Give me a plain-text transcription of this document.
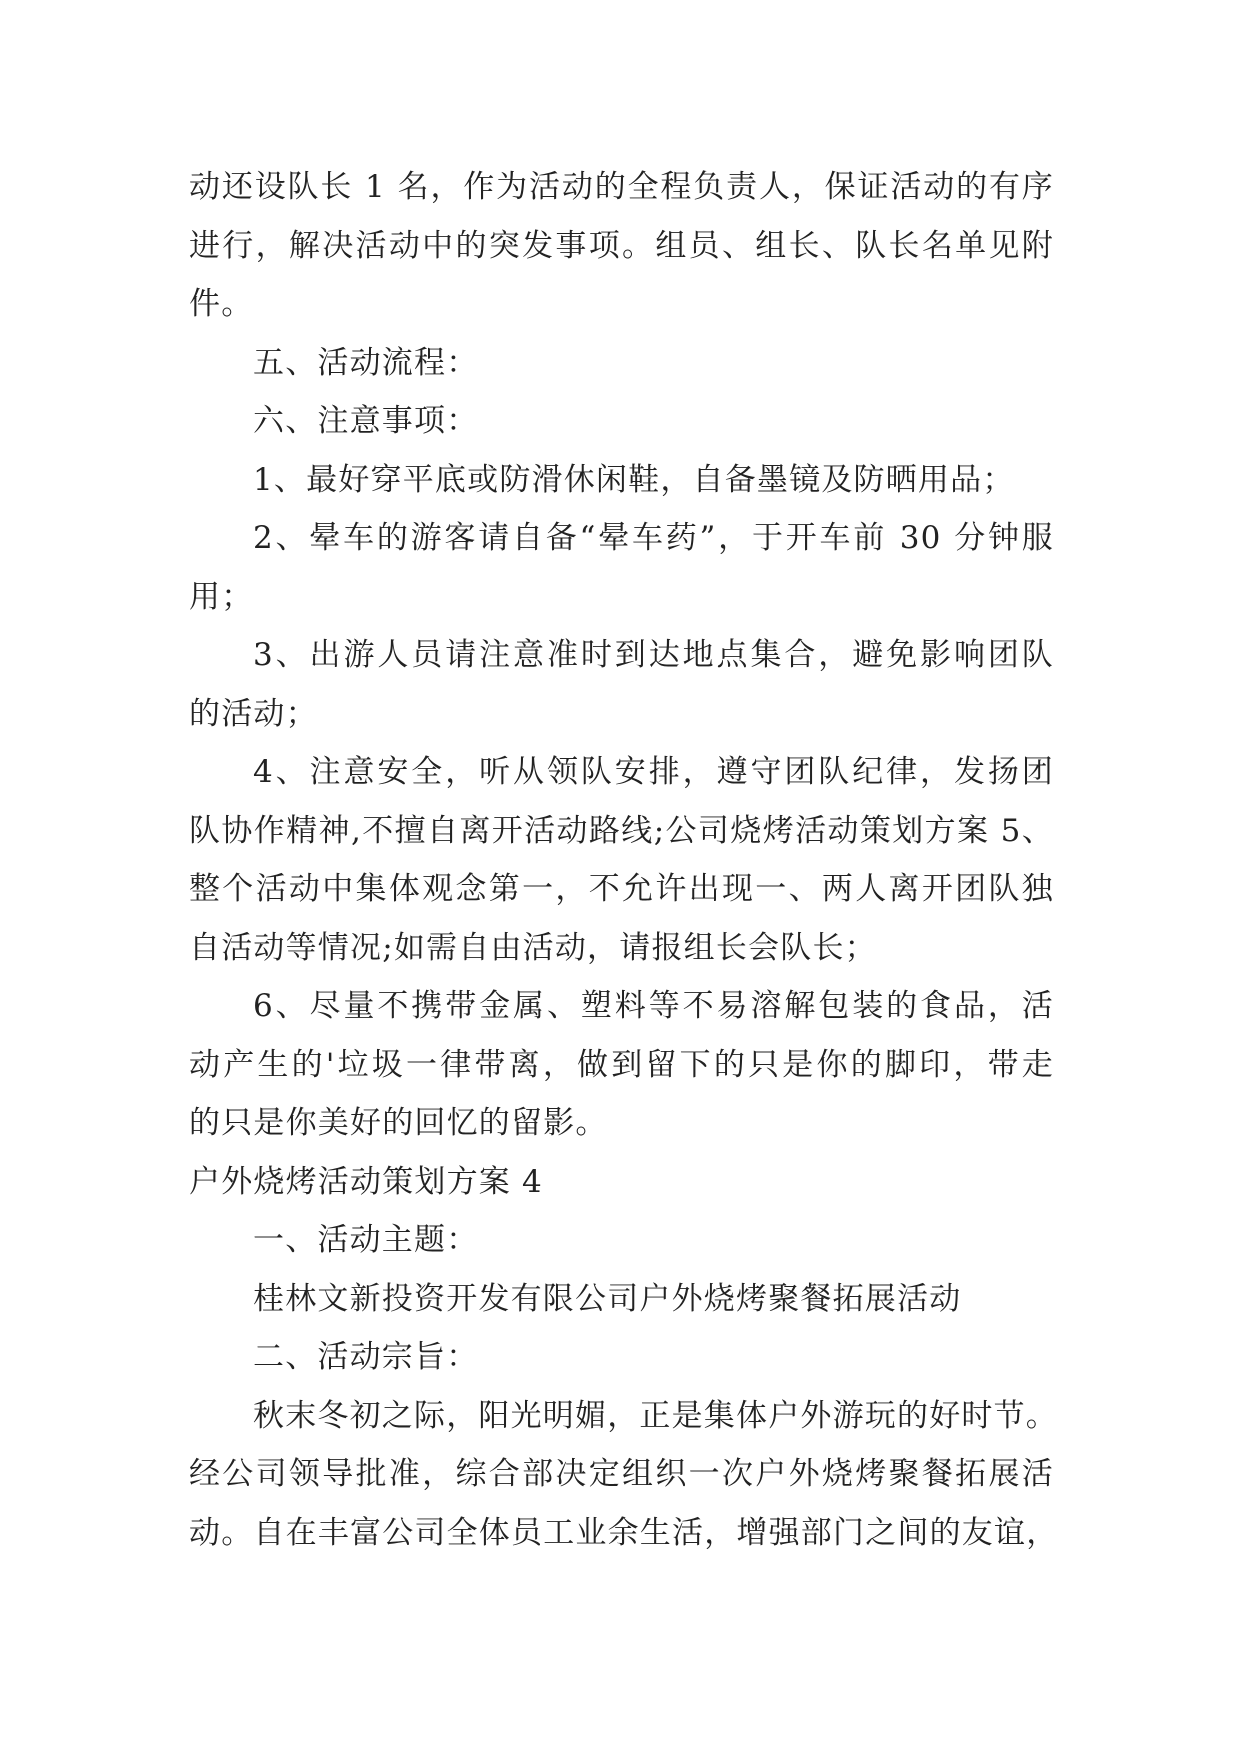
动还设队长 1 名，作为活动的全程负责人，保证活动的有序
进行，解决活动中的突发事项。组员、组长、队长名单见附
件。
五、活动流程：
六、注意事项：
1、最好穿平底或防滑休闲鞋，自备墨镜及防晒用品；
2、晕车的游客请自备“晕车药”，于开车前 30 分钟服
用；
3、出游人员请注意准时到达地点集合，避免影响团队
的活动；
4、注意安全，听从领队安排，遵守团队纪律，发扬团
队协作精神,不擅自离开活动路线;公司烧烤活动策划方案 5、
整个活动中集体观念第一，不允许出现一、两人离开团队独
自活动等情况;如需自由活动，请报组长会队长；
6、尽量不携带金属、塑料等不易溶解包装的食品，活
动产生的'垃圾一律带离，做到留下的只是你的脚印，带走
的只是你美好的回忆的留影。
户外烧烤活动策划方案 4
一、活动主题：
桂林文新投资开发有限公司户外烧烤聚餐拓展活动
二、活动宗旨：
秋末冬初之际，阳光明媚，正是集体户外游玩的好时节。
经公司领导批准，综合部决定组织一次户外烧烤聚餐拓展活
动。自在丰富公司全体员工业余生活，增强部门之间的友谊，
